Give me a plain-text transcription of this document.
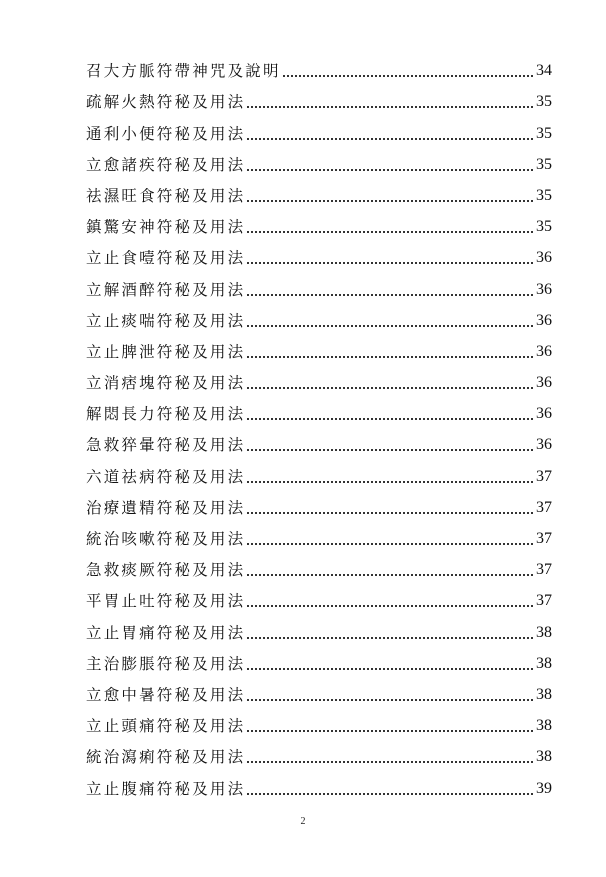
召大方脈符帶神咒及說明	34
疏解火熱符秘及用法	35
通利小便符秘及用法	35
立愈諸疾符秘及用法	35
祛濕旺食符秘及用法	35
鎮驚安神符秘及用法	35
立止食噎符秘及用法	36
立解酒醉符秘及用法	36
立止痰喘符秘及用法	36
立止脾泄符秘及用法	36
立消痞塊符秘及用法	36
解悶長力符秘及用法	36
急救猝暈符秘及用法	36
六道祛病符秘及用法	37
治療遺精符秘及用法	37
統治咳嗽符秘及用法	37
急救痰厥符秘及用法	37
平胃止吐符秘及用法	37
立止胃痛符秘及用法	38
主治膨脹符秘及用法	38
立愈中暑符秘及用法	38
立止頭痛符秘及用法	38
統治瀉痢符秘及用法	38
立止腹痛符秘及用法	39
2
